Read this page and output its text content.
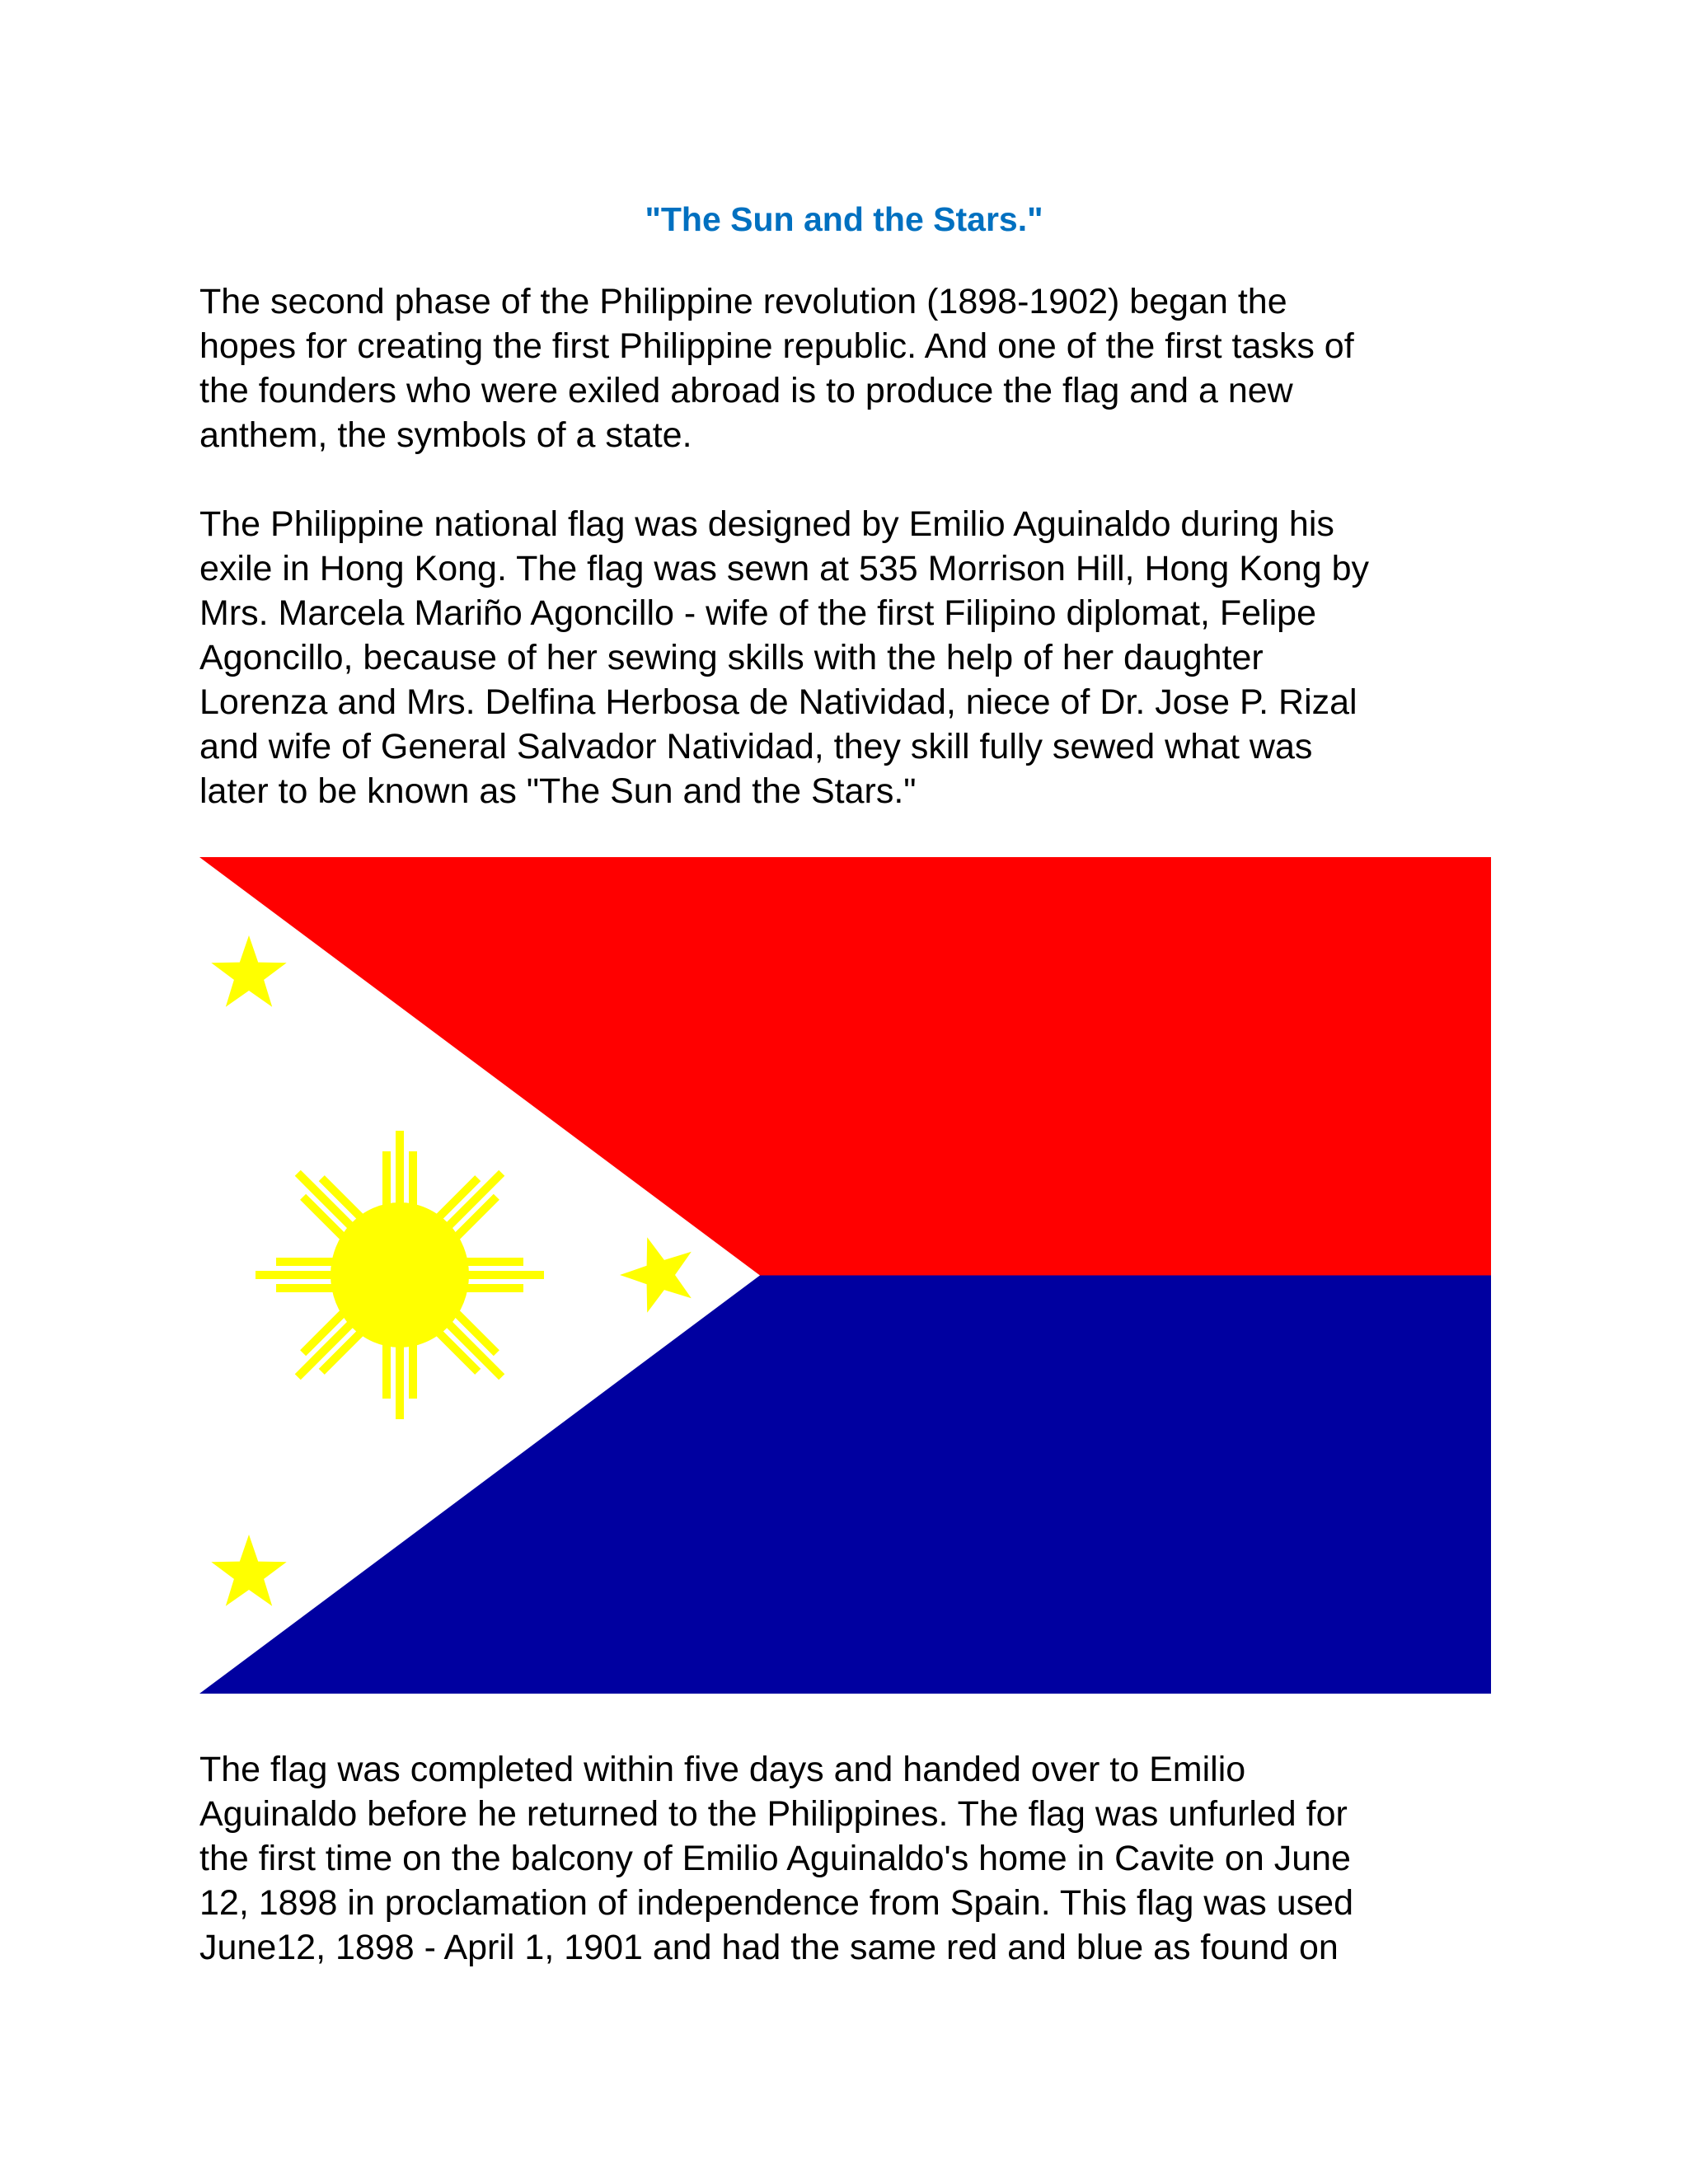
"The Sun and the Stars."

The second phase of the Philippine revolution (1898-1902) began the
hopes for creating the first Philippine republic. And one of the first tasks of
the founders who were exiled abroad is to produce the flag and a new
anthem, the symbols of a state.

The Philippine national flag was designed by Emilio Aguinaldo during his
exile in Hong Kong. The flag was sewn at 535 Morrison Hill, Hong Kong by
Mrs. Marcela Mariño Agoncillo - wife of the first Filipino diplomat, Felipe
Agoncillo, because of her sewing skills with the help of her daughter
Lorenza and Mrs. Delfina Herbosa de Natividad, niece of Dr. Jose P. Rizal
and wife of General Salvador Natividad, they skill fully sewed what was
later to be known as "The Sun and the Stars."

The flag was completed within five days and handed over to Emilio
Aguinaldo before he returned to the Philippines. The flag was unfurled for
the first time on the balcony of Emilio Aguinaldo's home in Cavite on June
12, 1898 in proclamation of independence from Spain. This flag was used
June12, 1898 - April 1, 1901 and had the same red and blue as found on
